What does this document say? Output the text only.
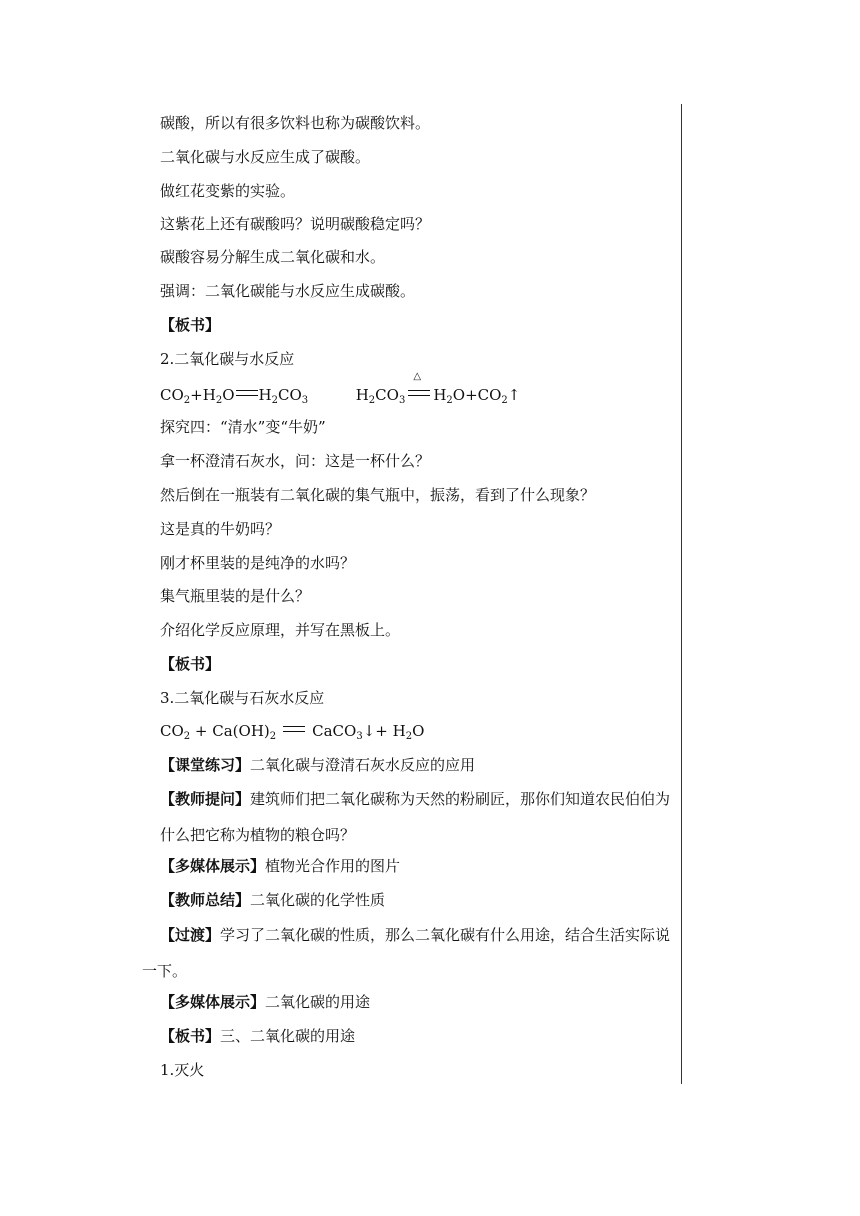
碳酸，所以有很多饮料也称为碳酸饮料。
二氧化碳与水反应生成了碳酸。
做红花变紫的实验。
这紫花上还有碳酸吗？说明碳酸稳定吗？
碳酸容易分解生成二氧化碳和水。
强调：二氧化碳能与水反应生成碳酸。
【板书】
2.二氧化碳与水反应
$CO_2+H_2O$ $H_2CO_3$	$H_2CO_3$
△
$H_2O+CO_2↑$
探究四：“清水”变“牛奶”
拿一杯澄清石灰水，问：这是一杯什么？
然后倒在一瓶装有二氧化碳的集气瓶中，振荡，看到了什么现象？
这是真的牛奶吗？
刚才杯里装的是纯净的水吗？
集气瓶里装的是什么？
介绍化学反应原理，并写在黑板上。
【板书】
3.二氧化碳与石灰水反应
$CO_2 + Ca(OH)_2$ CaCO$_3$↓+ $H_2O$
【课堂练习】二氧化碳与澄清石灰水反应的应用
【教师提问】建筑师们把二氧化碳称为天然的粉刷匠，那你们知道农民伯伯为什么把它称为植物的粮仓吗？
【多媒体展示】植物光合作用的图片
【教师总结】二氧化碳的化学性质
【过渡】学习了二氧化碳的性质，那么二氧化碳有什么用途，结合生活实际说一下。
【多媒体展示】二氧化碳的用途
【板书】三、二氧化碳的用途
1.灭火
